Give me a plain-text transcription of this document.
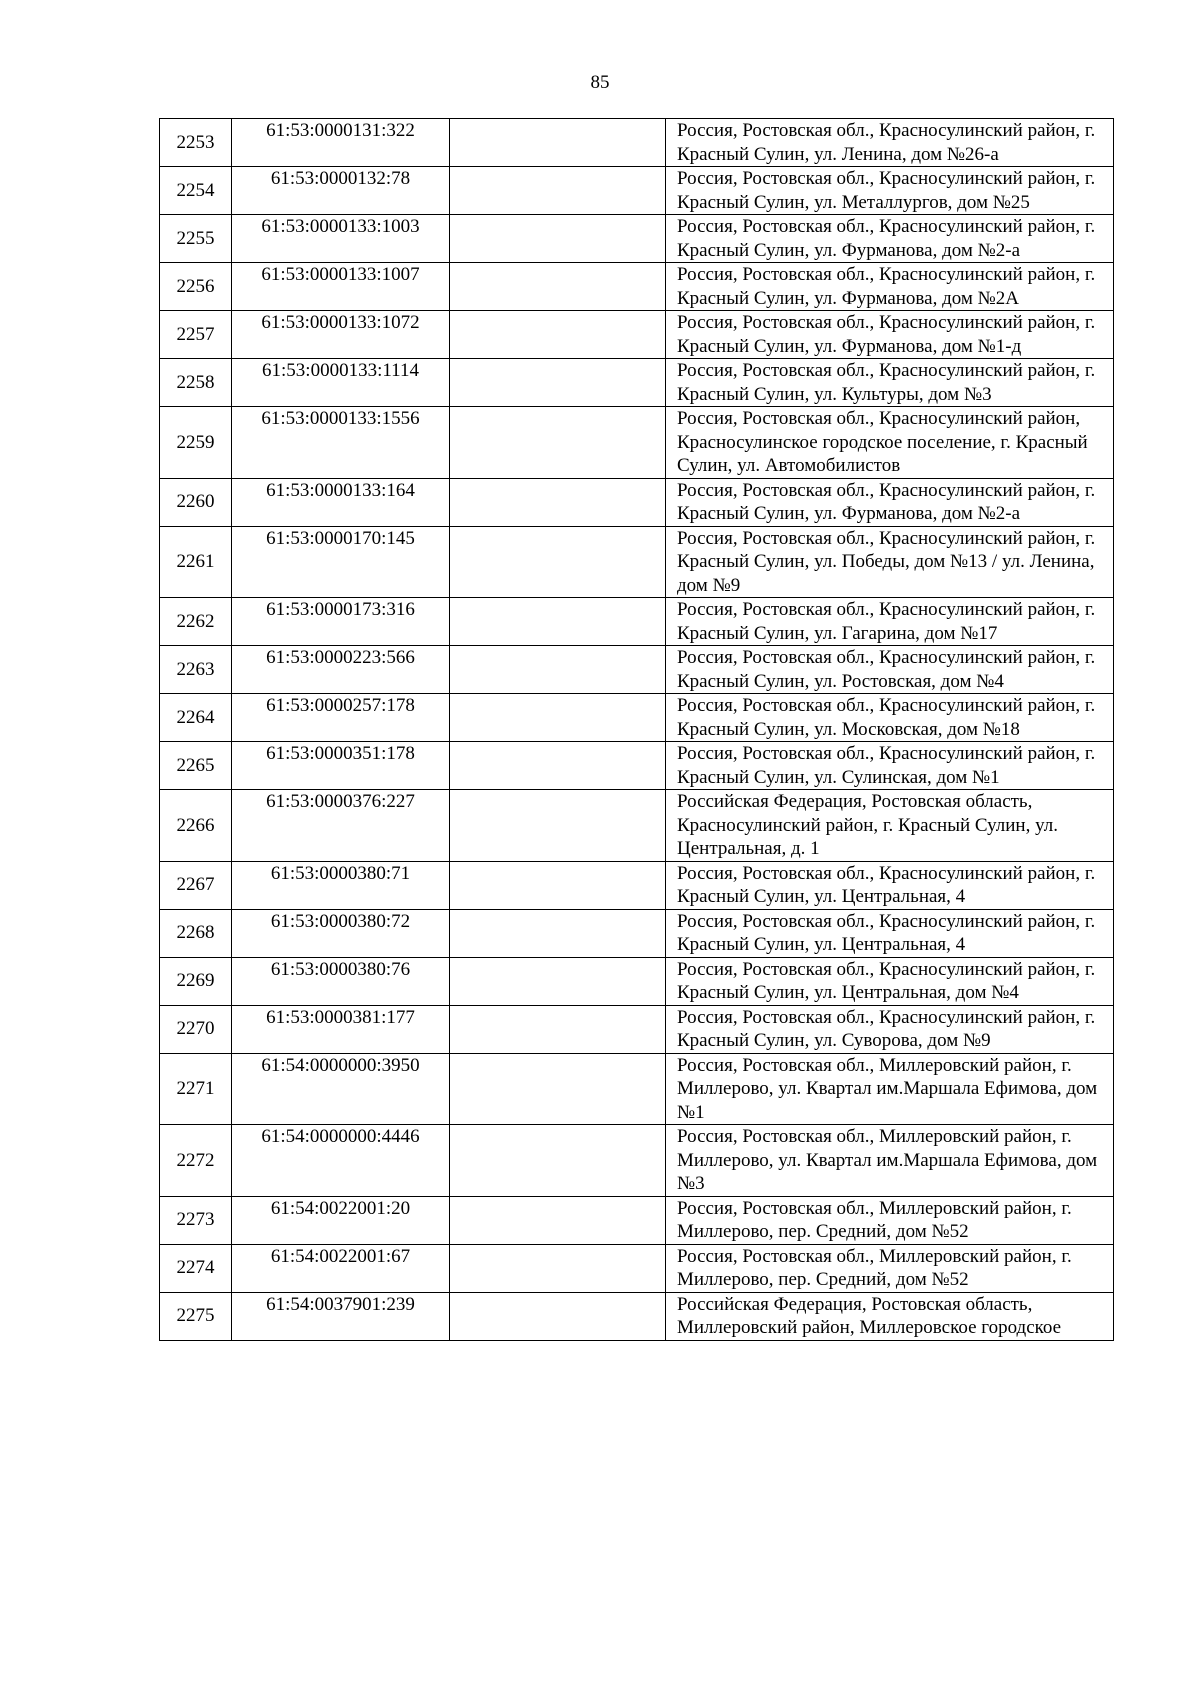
85
2253	61:53:0000131:322		Россия, Ростовская обл., Красносулинский район, г. Красный Сулин, ул. Ленина, дом №26-а
2254	61:53:0000132:78		Россия, Ростовская обл., Красносулинский район, г. Красный Сулин, ул. Металлургов, дом №25
2255	61:53:0000133:1003		Россия, Ростовская обл., Красносулинский район, г. Красный Сулин, ул. Фурманова, дом №2-а
2256	61:53:0000133:1007		Россия, Ростовская обл., Красносулинский район, г. Красный Сулин, ул. Фурманова, дом №2А
2257	61:53:0000133:1072		Россия, Ростовская обл., Красносулинский район, г. Красный Сулин, ул. Фурманова, дом №1-д
2258	61:53:0000133:1114		Россия, Ростовская обл., Красносулинский район, г. Красный Сулин, ул. Культуры, дом №3
2259	61:53:0000133:1556		Россия, Ростовская обл., Красносулинский район, Красносулинское городское поселение, г. Красный Сулин, ул. Автомобилистов
2260	61:53:0000133:164		Россия, Ростовская обл., Красносулинский район, г. Красный Сулин, ул. Фурманова, дом №2-а
2261	61:53:0000170:145		Россия, Ростовская обл., Красносулинский район, г. Красный Сулин, ул. Победы, дом №13 / ул. Ленина, дом №9
2262	61:53:0000173:316		Россия, Ростовская обл., Красносулинский район, г. Красный Сулин, ул. Гагарина, дом №17
2263	61:53:0000223:566		Россия, Ростовская обл., Красносулинский район, г. Красный Сулин, ул. Ростовская, дом №4
2264	61:53:0000257:178		Россия, Ростовская обл., Красносулинский район, г. Красный Сулин, ул. Московская, дом №18
2265	61:53:0000351:178		Россия, Ростовская обл., Красносулинский район, г. Красный Сулин, ул. Сулинская, дом №1
2266	61:53:0000376:227		Российская Федерация, Ростовская область, Красносулинский район, г. Красный Сулин, ул. Центральная, д. 1
2267	61:53:0000380:71		Россия, Ростовская обл., Красносулинский район, г. Красный Сулин, ул. Центральная, 4
2268	61:53:0000380:72		Россия, Ростовская обл., Красносулинский район, г. Красный Сулин, ул. Центральная, 4
2269	61:53:0000380:76		Россия, Ростовская обл., Красносулинский район, г. Красный Сулин, ул. Центральная, дом №4
2270	61:53:0000381:177		Россия, Ростовская обл., Красносулинский район, г. Красный Сулин, ул. Суворова, дом №9
2271	61:54:0000000:3950		Россия, Ростовская обл., Миллеровский район, г. Миллерово, ул. Квартал им.Маршала Ефимова, дом №1
2272	61:54:0000000:4446		Россия, Ростовская обл., Миллеровский район, г. Миллерово, ул. Квартал им.Маршала Ефимова, дом №3
2273	61:54:0022001:20		Россия, Ростовская обл., Миллеровский район, г. Миллерово, пер. Средний, дом №52
2274	61:54:0022001:67		Россия, Ростовская обл., Миллеровский район, г. Миллерово, пер. Средний, дом №52
2275	61:54:0037901:239		Российская Федерация, Ростовская область, Миллеровский район, Миллеровское городское
